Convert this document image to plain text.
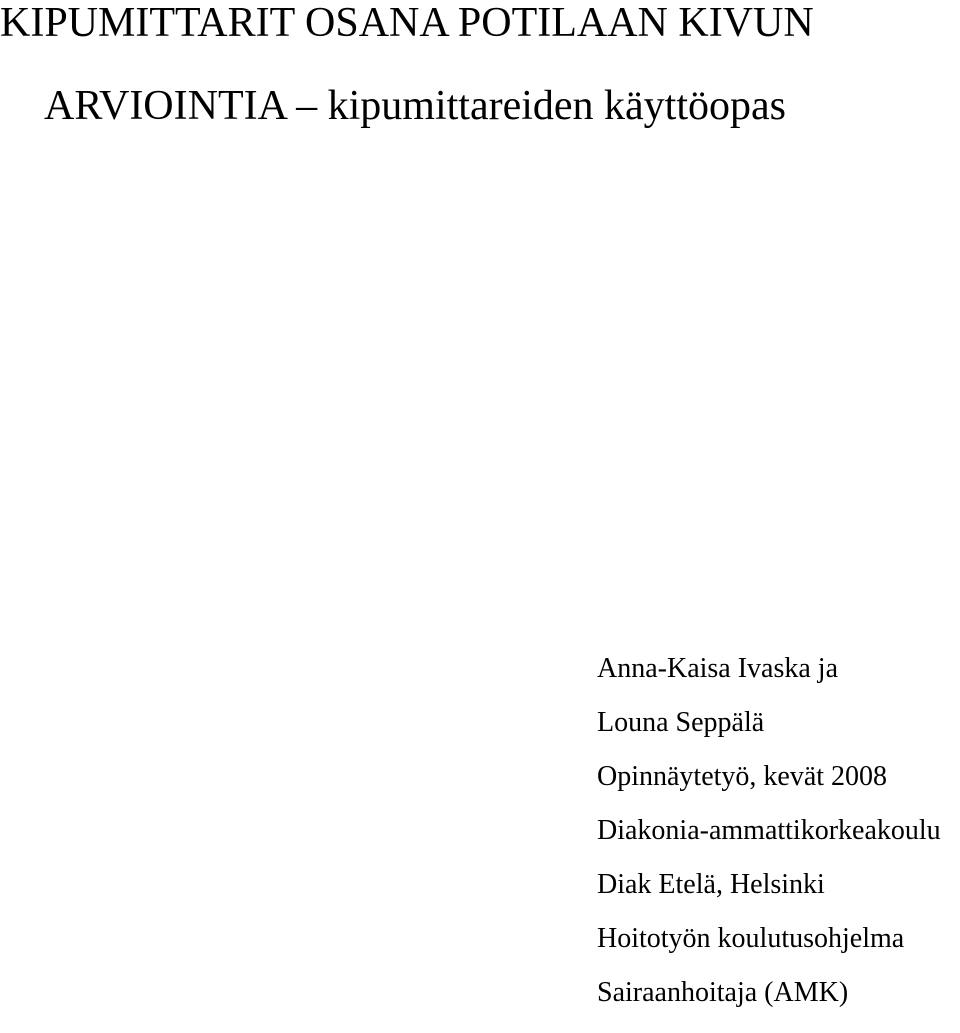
KIPUMITTARIT OSANA POTILAAN KIVUN
ARVIOINTIA – kipumittareiden käyttöopas
Anna-Kaisa Ivaska ja
Louna Seppälä
Opinnäytetyö, kevät 2008
Diakonia-ammattikorkeakoulu
Diak Etelä, Helsinki
Hoitotyön koulutusohjelma
Sairaanhoitaja (AMK)
